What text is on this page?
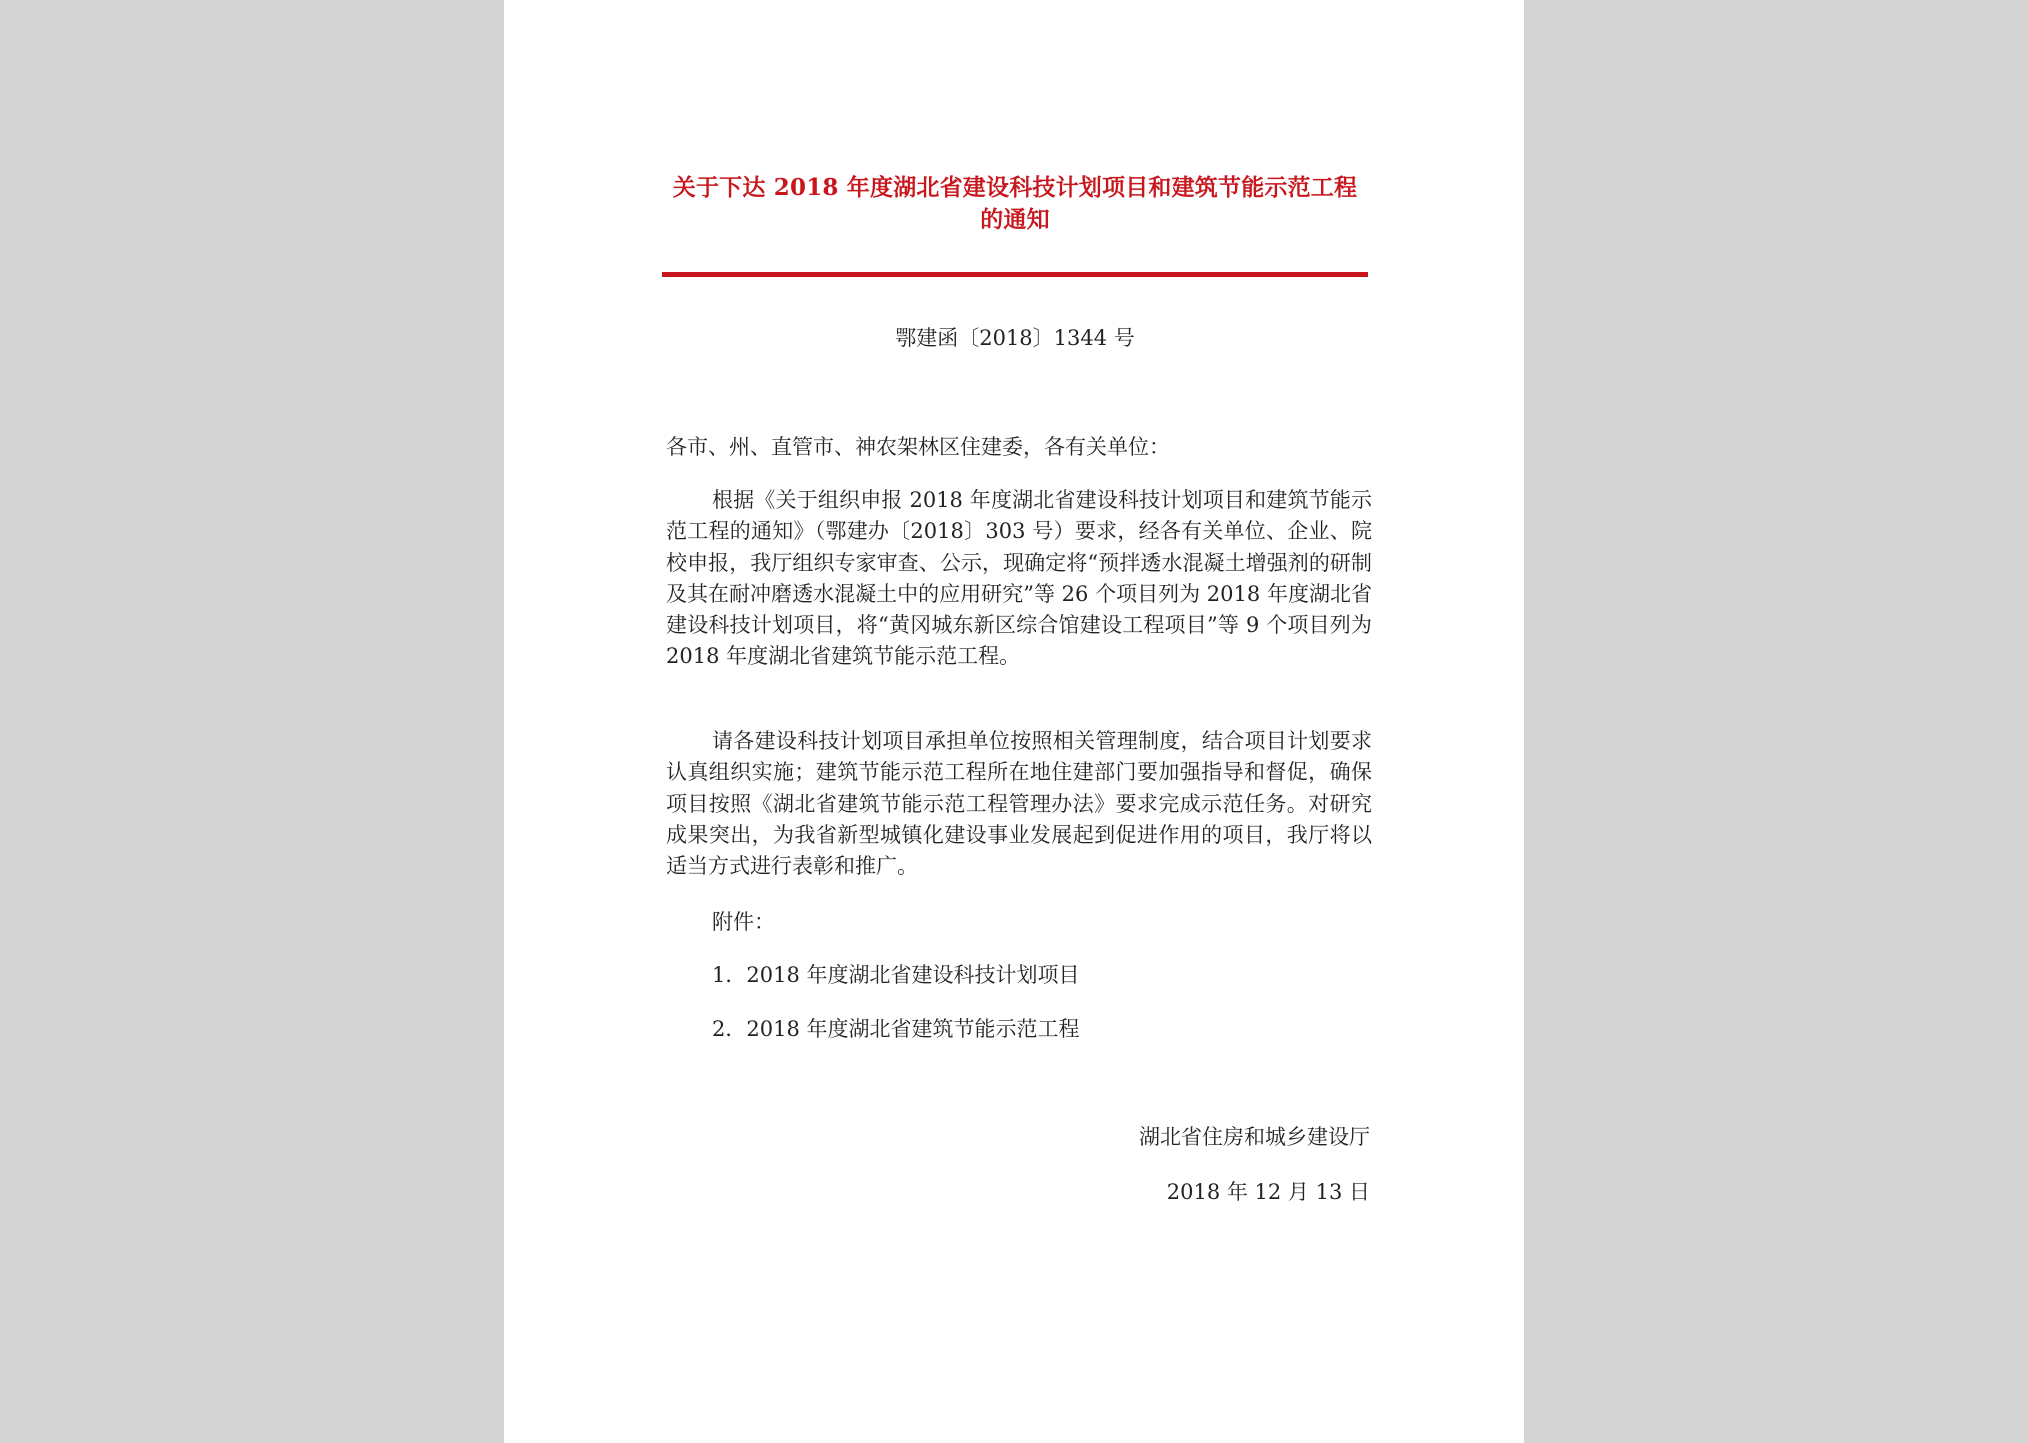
关于下达 2018 年度湖北省建设科技计划项目和建筑节能示范工程
的通知
鄂建函〔2018〕1344 号
各市、州、直管市、神农架林区住建委，各有关单位：
根据《关于组织申报 2018 年度湖北省建设科技计划项目和建筑节能示范工程的通知》（鄂建办〔2018〕303 号）要求，经各有关单位、企业、院校申报，我厅组织专家审查、公示，现确定将“预拌透水混凝土增强剂的研制及其在耐冲磨透水混凝土中的应用研究”等 26 个项目列为 2018 年度湖北省建设科技计划项目，将“黄冈城东新区综合馆建设工程项目”等 9 个项目列为 2018 年度湖北省建筑节能示范工程。
请各建设科技计划项目承担单位按照相关管理制度，结合项目计划要求认真组织实施；建筑节能示范工程所在地住建部门要加强指导和督促，确保项目按照《湖北省建筑节能示范工程管理办法》要求完成示范任务。对研究成果突出，为我省新型城镇化建设事业发展起到促进作用的项目，我厅将以适当方式进行表彰和推广。
附件：
1．2018 年度湖北省建设科技计划项目
2．2018 年度湖北省建筑节能示范工程
湖北省住房和城乡建设厅
2018 年 12 月 13 日
